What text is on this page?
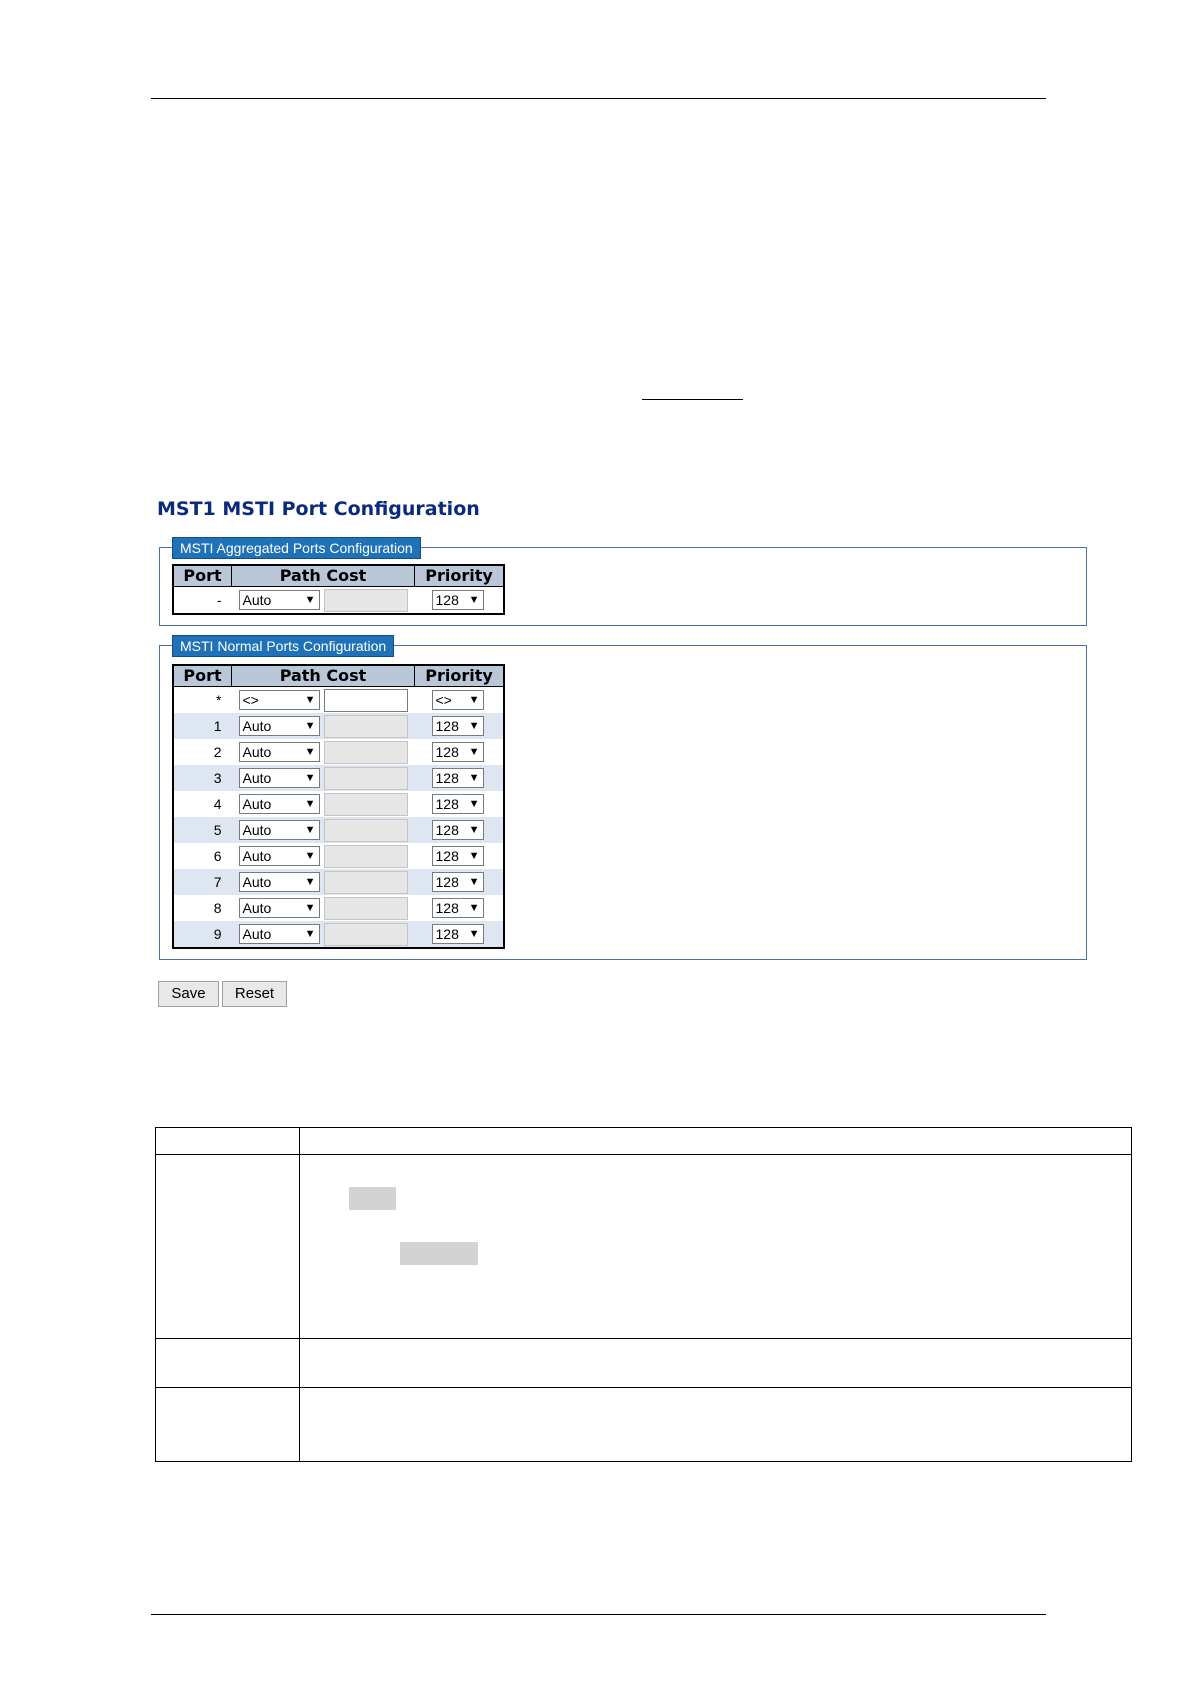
MST1 MSTI Port Configuration
MSTI Aggregated Ports Configuration
Port	Path Cost		Priority
-	Auto ▼		128 ▼
MSTI Normal Ports Configuration
Port	Path Cost		Priority
*	<> ▼		<> ▼

1	Auto ▼		128 ▼

2	Auto ▼		128 ▼

3	Auto ▼		128 ▼

4	Auto ▼		128 ▼

5	Auto ▼		128 ▼

6	Auto ▼		128 ▼

7	Auto ▼		128 ▼

8	Auto ▼		128 ▼

9	Auto ▼		128 ▼
Save	Reset
